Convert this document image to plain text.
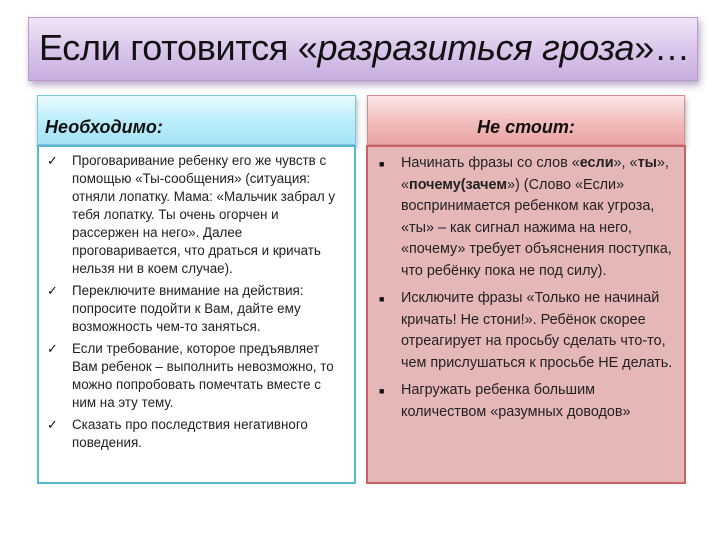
Если готовится «разразиться гроза»…
Необходимо:	Не стоит:
✓ Проговаривание ребенку его же чувств с помощью «Ты-сообщения» (ситуация: отняли лопатку. Мама: «Мальчик забрал у тебя лопатку. Ты очень огорчен и рассержен на него». Далее проговаривается, что драться и кричать нельзя ни в коем случае).
✓ Переключите внимание на действия: попросите подойти к Вам, дайте ему возможность чем-то заняться.
✓ Если требование, которое предъявляет Вам ребенок – выполнить невозможно, то можно попробовать помечтать вместе с ним на эту тему.
✓ Сказать про последствия негативного поведения.
■ Начинать фразы со слов «если», «ты», «почему(зачем») (Слово «Если» воспринимается ребенком как угроза, «ты» – как сигнал нажима на него, «почему» требует объяснения поступка, что ребёнку пока не под силу).
■ Исключите фразы «Только не начинай кричать! Не стони!». Ребёнок скорее отреагирует на просьбу сделать что-то, чем прислушаться к просьбе НЕ делать.
■ Нагружать ребенка большим количеством «разумных доводов»
